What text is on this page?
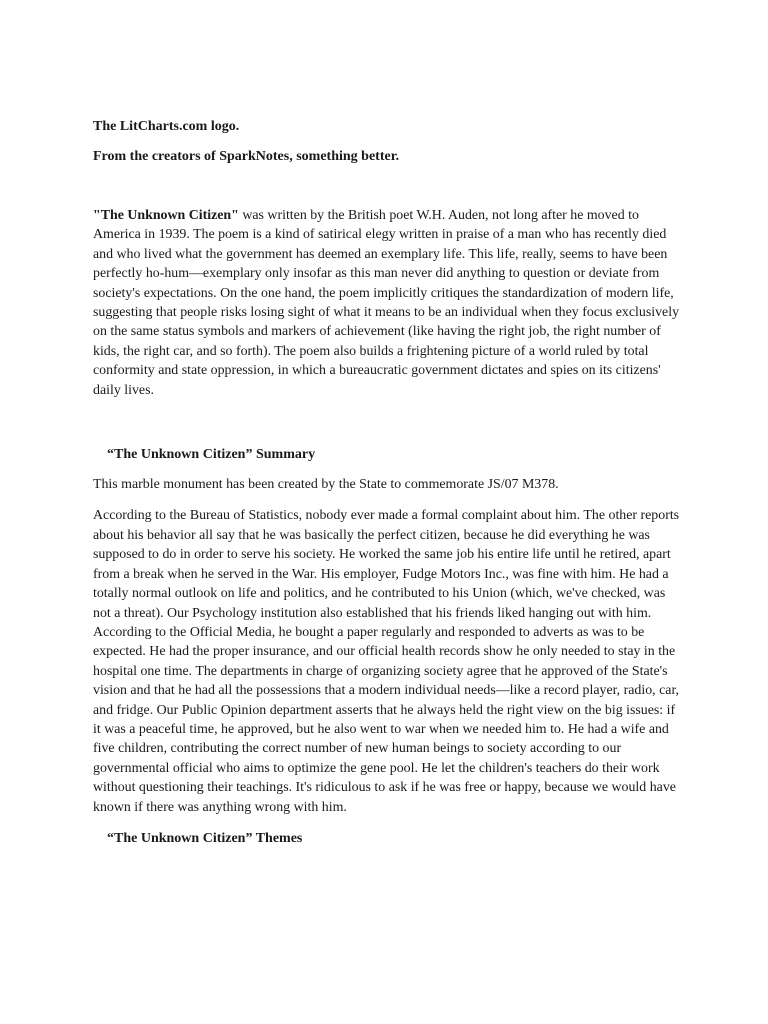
The LitCharts.com logo.
From the creators of SparkNotes, something better.

"The Unknown Citizen" was written by the British poet W.H. Auden, not long after he moved to America in 1939. The poem is a kind of satirical elegy written in praise of a man who has recently died and who lived what the government has deemed an exemplary life. This life, really, seems to have been perfectly ho-hum—exemplary only insofar as this man never did anything to question or deviate from society's expectations. On the one hand, the poem implicitly critiques the standardization of modern life, suggesting that people risks losing sight of what it means to be an individual when they focus exclusively on the same status symbols and markers of achievement (like having the right job, the right number of kids, the right car, and so forth). The poem also builds a frightening picture of a world ruled by total conformity and state oppression, in which a bureaucratic government dictates and spies on its citizens' daily lives.

“The Unknown Citizen” Summary

This marble monument has been created by the State to commemorate JS/07 M378.

According to the Bureau of Statistics, nobody ever made a formal complaint about him. The other reports about his behavior all say that he was basically the perfect citizen, because he did everything he was supposed to do in order to serve his society. He worked the same job his entire life until he retired, apart from a break when he served in the War. His employer, Fudge Motors Inc., was fine with him. He had a totally normal outlook on life and politics, and he contributed to his Union (which, we've checked, was not a threat). Our Psychology institution also established that his friends liked hanging out with him. According to the Official Media, he bought a paper regularly and responded to adverts as was to be expected. He had the proper insurance, and our official health records show he only needed to stay in the hospital one time. The departments in charge of organizing society agree that he approved of the State's vision and that he had all the possessions that a modern individual needs—like a record player, radio, car, and fridge. Our Public Opinion department asserts that he always held the right view on the big issues: if it was a peaceful time, he approved, but he also went to war when we needed him to. He had a wife and five children, contributing the correct number of new human beings to society according to our governmental official who aims to optimize the gene pool. He let the children's teachers do their work without questioning their teachings. It's ridiculous to ask if he was free or happy, because we would have known if there was anything wrong with him.

“The Unknown Citizen” Themes
